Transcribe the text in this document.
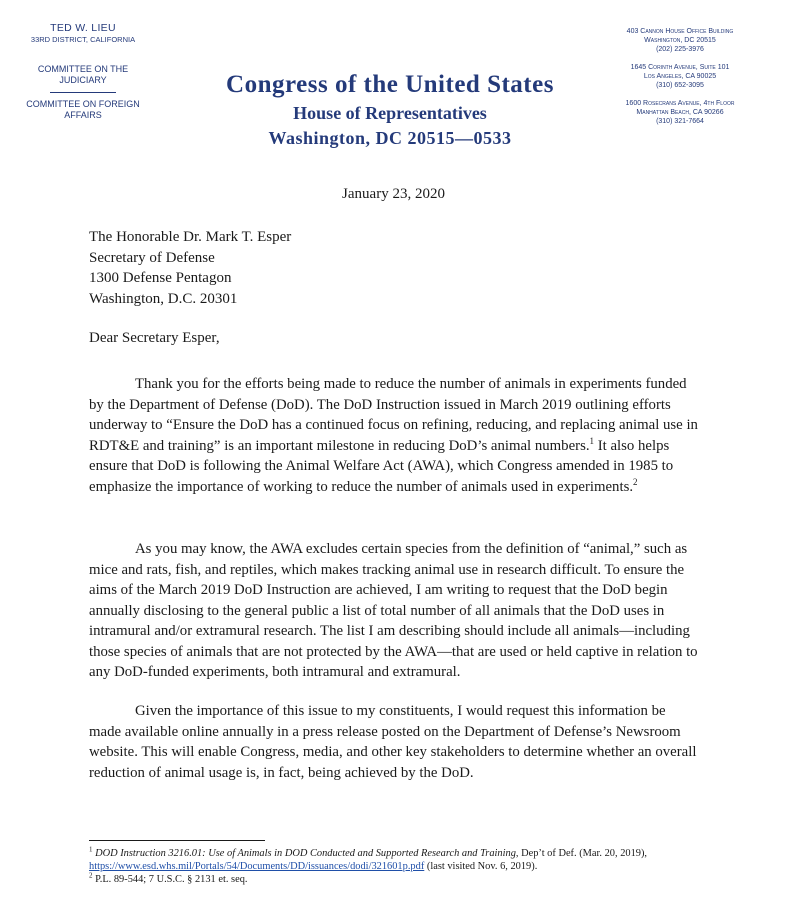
TED W. LIEU
33RD DISTRICT, CALIFORNIA
COMMITTEE ON THE JUDICIARY
COMMITTEE ON FOREIGN AFFAIRS
Congress of the United States
House of Representatives
Washington, DC 20515—0533
403 Cannon House Office Building
Washington, DC 20515
(202) 225-3976
1645 Corinth Avenue, Suite 101
Los Angeles, CA 90025
(310) 652-3095
1600 Rosecrans Avenue, 4th Floor
Manhattan Beach, CA 90266
(310) 321-7664
January 23, 2020
The Honorable Dr. Mark T. Esper
Secretary of Defense
1300 Defense Pentagon
Washington, D.C. 20301
Dear Secretary Esper,

Thank you for the efforts being made to reduce the number of animals in experiments funded by the Department of Defense (DoD). The DoD Instruction issued in March 2019 outlining efforts underway to “Ensure the DoD has a continued focus on refining, reducing, and replacing animal use in RDT&E and training” is an important milestone in reducing DoD’s animal numbers.$^1$ It also helps ensure that DoD is following the Animal Welfare Act (AWA), which Congress amended in 1985 to emphasize the importance of working to reduce the number of animals used in experiments.$^2$

As you may know, the AWA excludes certain species from the definition of “animal,” such as mice and rats, fish, and reptiles, which makes tracking animal use in research difficult. To ensure the aims of the March 2019 DoD Instruction are achieved, I am writing to request that the DoD begin annually disclosing to the general public a list of total number of all animals that the DoD uses in intramural and/or extramural research. The list I am describing should include all animals—including those species of animals that are not protected by the AWA—that are used or held captive in relation to any DoD-funded experiments, both intramural and extramural.

Given the importance of this issue to my constituents, I would request this information be made available online annually in a press release posted on the Department of Defense’s Newsroom website. This will enable Congress, media, and other key stakeholders to determine whether an overall reduction of animal usage is, in fact, being achieved by the DoD.

$^1$ DOD Instruction 3216.01: Use of Animals in DOD Conducted and Supported Research and Training, Dep’t of Def. (Mar. 20, 2019), https://www.esd.whs.mil/Portals/54/Documents/DD/issuances/dodi/321601p.pdf (last visited Nov. 6, 2019).
$^2$ P.L. 89-544; 7 U.S.C. § 2131 et. seq.
